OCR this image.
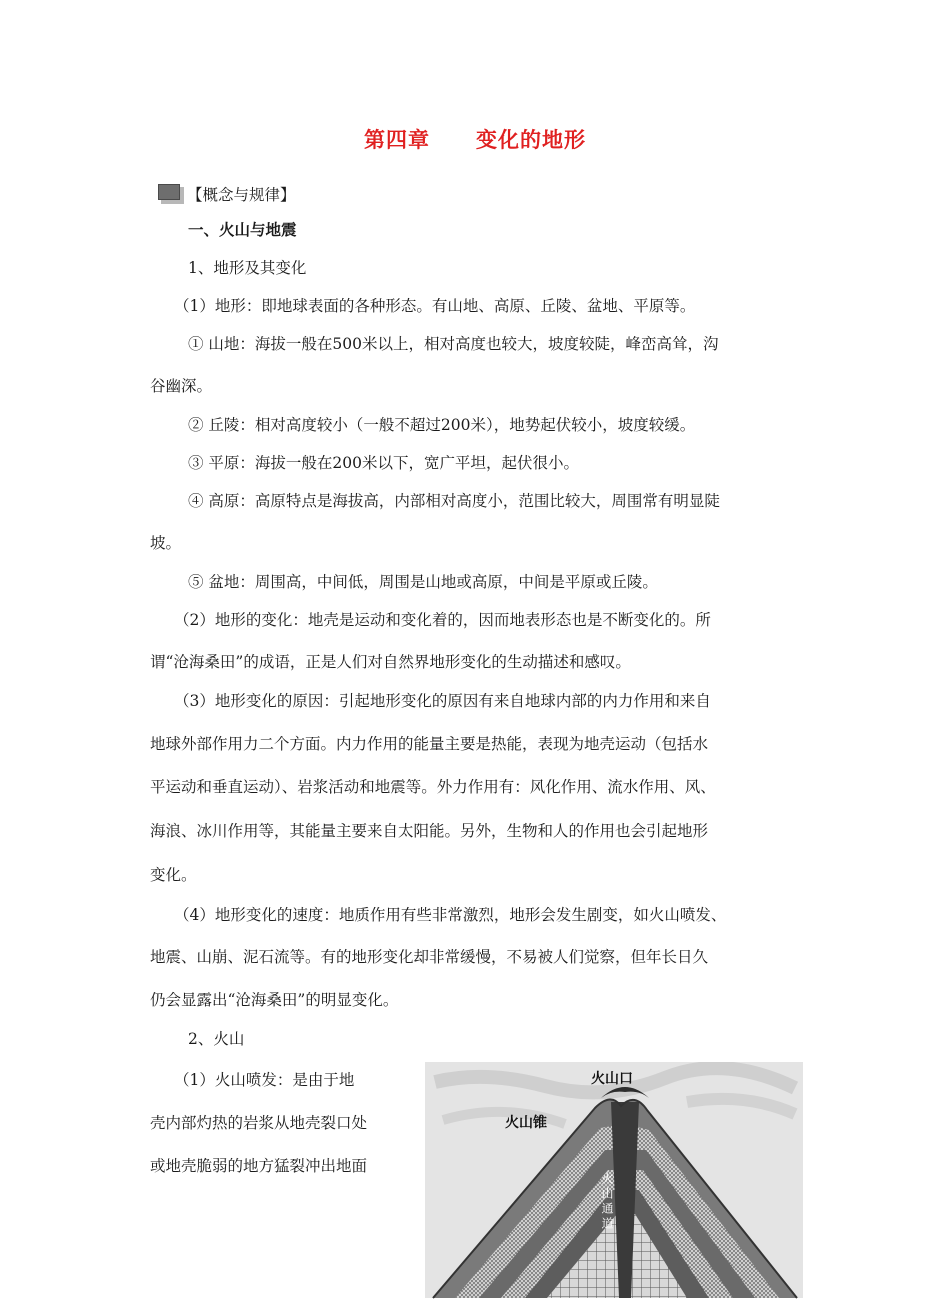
第四章 变化的地形
【概念与规律】
一、火山与地震
1、地形及其变化
（1）地形：即地球表面的各种形态。有山地、高原、丘陵、盆地、平原等。
① 山地：海拔一般在500米以上，相对高度也较大，坡度较陡，峰峦高耸，沟
谷幽深。
② 丘陵：相对高度较小（一般不超过200米），地势起伏较小，坡度较缓。
③ 平原：海拔一般在200米以下，宽广平坦，起伏很小。
④ 高原：高原特点是海拔高，内部相对高度小，范围比较大，周围常有明显陡
坡。
⑤ 盆地：周围高，中间低，周围是山地或高原，中间是平原或丘陵。
（2）地形的变化：地壳是运动和变化着的，因而地表形态也是不断变化的。所
谓“沧海桑田”的成语，正是人们对自然界地形变化的生动描述和感叹。
（3）地形变化的原因：引起地形变化的原因有来自地球内部的内力作用和来自
地球外部作用力二个方面。内力作用的能量主要是热能，表现为地壳运动（包括水
平运动和垂直运动）、岩浆活动和地震等。外力作用有：风化作用、流水作用、风、
海浪、冰川作用等，其能量主要来自太阳能。另外，生物和人的作用也会引起地形
变化。
（4）地形变化的速度：地质作用有些非常激烈，地形会发生剧变，如火山喷发、
地震、山崩、泥石流等。有的地形变化却非常缓慢，不易被人们觉察，但年长日久
仍会显露出“沧海桑田”的明显变化。
2、火山
（1）火山喷发：是由于地
壳内部灼热的岩浆从地壳裂口处
或地壳脆弱的地方猛裂冲出地面
火山口
火山锥
火山通道
